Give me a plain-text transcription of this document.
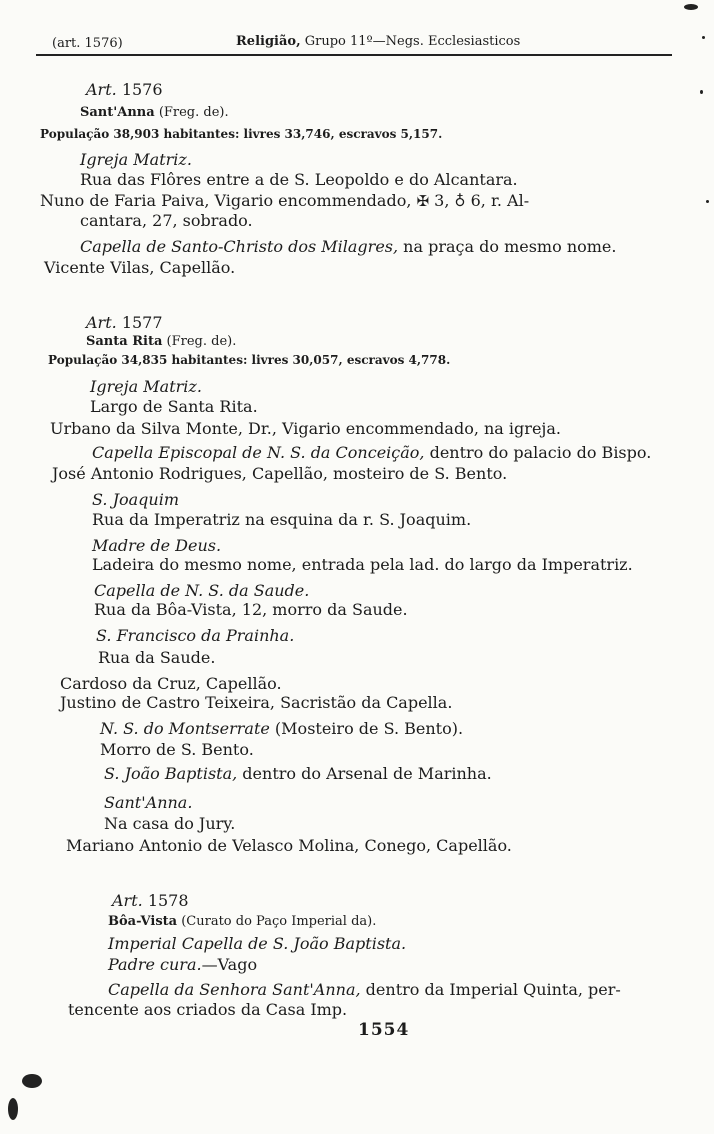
(art. 1576)	Religião, Grupo 11º—Negs. Ecclesiasticos
Art. 1576
Sant'Anna (Freg. de).
População 38,903 habitantes: livres 33,746, escravos 5,157.
Igreja Matriz.
Rua das Flôres entre a de S. Leopoldo e do Alcantara.
Nuno de Faria Paiva, Vigario encommendado, ✠ 3, ♁ 6, r. Al-
cantara, 27, sobrado.
Capella de Santo-Christo dos Milagres, na praça do mesmo nome.
Vicente Vilas, Capellão.
Art. 1577
Santa Rita (Freg. de).
População 34,835 habitantes: livres 30,057, escravos 4,778.
Igreja Matriz.
Largo de Santa Rita.
Urbano da Silva Monte, Dr., Vigario encommendado, na igreja.
Capella Episcopal de N. S. da Conceição, dentro do palacio do Bispo.
José Antonio Rodrigues, Capellão, mosteiro de S. Bento.
S. Joaquim
Rua da Imperatriz na esquina da r. S. Joaquim.
Madre de Deus.
Ladeira do mesmo nome, entrada pela lad. do largo da Imperatriz.
Capella de N. S. da Saude.
Rua da Bôa-Vista, 12, morro da Saude.
S. Francisco da Prainha.
Rua da Saude.
Cardoso da Cruz, Capellão.
Justino de Castro Teixeira, Sacristão da Capella.
N. S. do Montserrate (Mosteiro de S. Bento).
Morro de S. Bento.
S. João Baptista, dentro do Arsenal de Marinha.
Sant'Anna.
Na casa do Jury.
Mariano Antonio de Velasco Molina, Conego, Capellão.
Art. 1578
Bôa-Vista (Curato do Paço Imperial da).
Imperial Capella de S. João Baptista.
Padre cura.—Vago
Capella da Senhora Sant'Anna, dentro da Imperial Quinta, per-
tencente aos criados da Casa Imp.
1554
